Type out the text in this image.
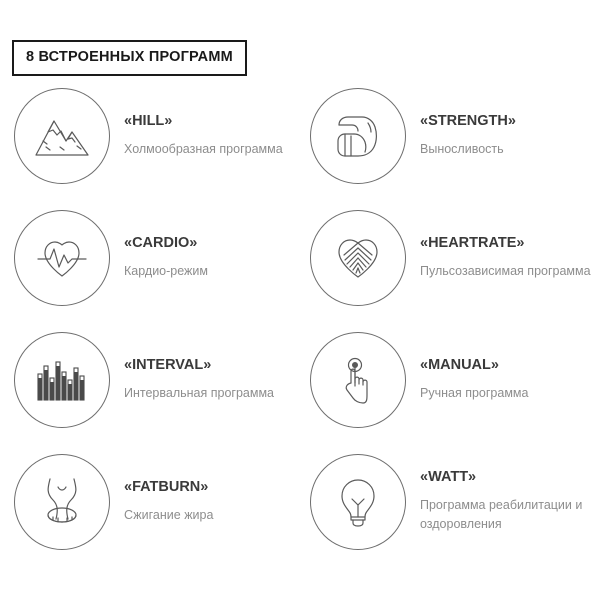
8 ВСТРОЕННЫХ ПРОГРАММ
«HILL»
Холмообразная программа
«STRENGTH»
Выносливость
«CARDIO»
Кардио-режим
«HEARTRATE»
Пульсозависимая программа
«INTERVAL»
Интервальная программа
«MANUAL»
Ручная программа
«FATBURN»
Сжигание жира
«WATT»
Программа реабилитации и оздоровления
